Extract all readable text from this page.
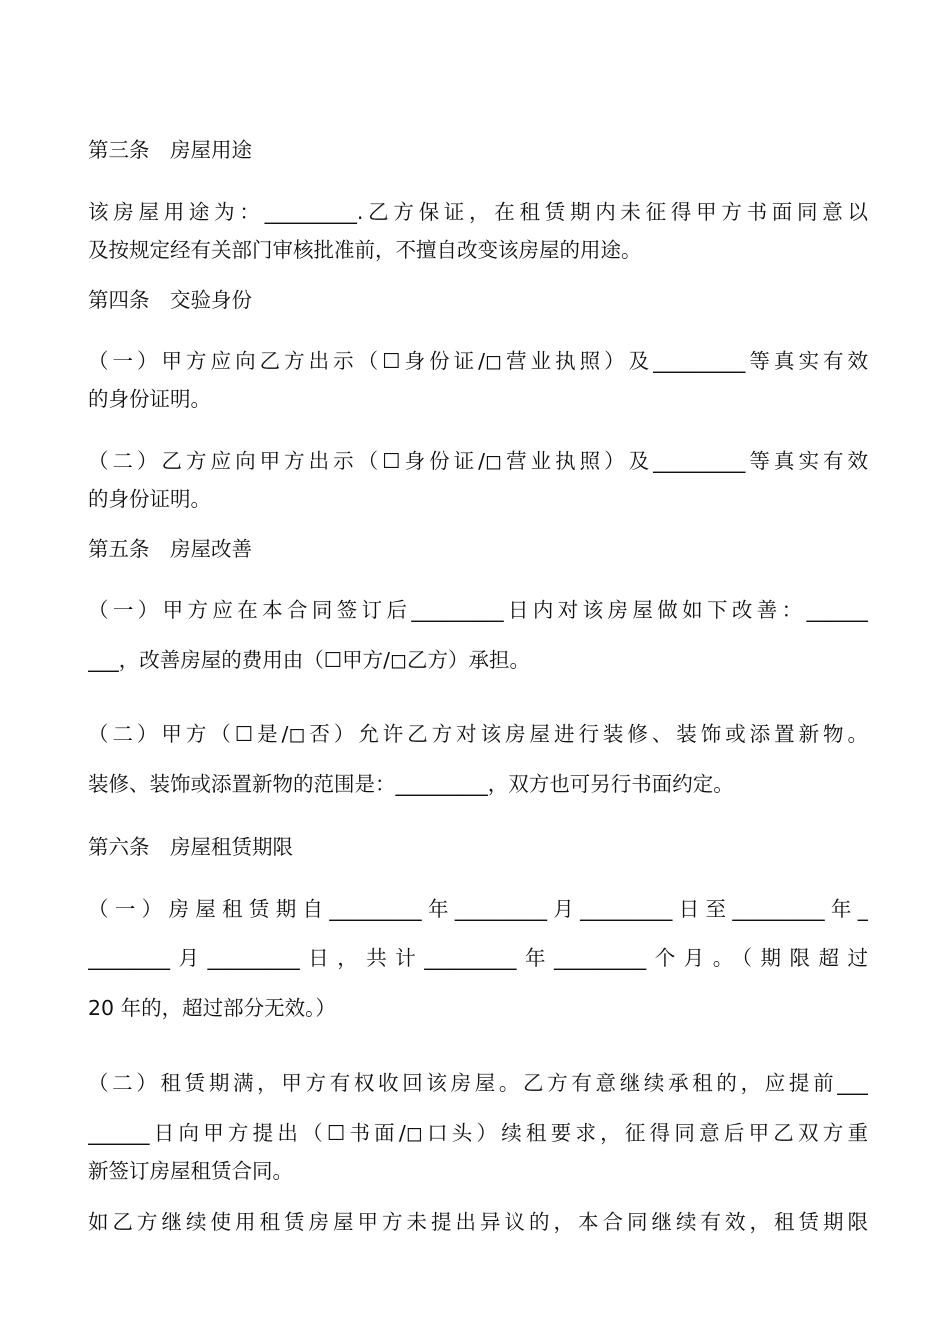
第三条　房屋用途
该房屋用途为：_________.乙方保证，在租赁期内未征得甲方书面同意以
及按规定经有关部门审核批准前，不擅自改变该房屋的用途。
第四条　交验身份
（一）甲方应向乙方出示（☐身份证/◻营业执照）及_________等真实有效
的身份证明。
（二）乙方应向甲方出示（☐身份证/◻营业执照）及_________等真实有效
的身份证明。
第五条　房屋改善
（一）甲方应在本合同签订后_________日内对该房屋做如下改善：______
___，改善房屋的费用由（☐甲方/◻乙方）承担。
（二）甲方（☐是/◻否）允许乙方对该房屋进行装修、装饰或添置新物。
装修、装饰或添置新物的范围是：_________，双方也可另行书面约定。
第六条　房屋租赁期限
（一）房屋租赁期自_________年_________月_________日至_________年_
________月_________日，共计_________年_________个月。（期限超过
20 年的，超过部分无效。）
（二）租赁期满，甲方有权收回该房屋。乙方有意继续承租的，应提前___
______日向甲方提出（☐书面/◻口头）续租要求，征得同意后甲乙双方重
新签订房屋租赁合同。
如乙方继续使用租赁房屋甲方未提出异议的，本合同继续有效，租赁期限
